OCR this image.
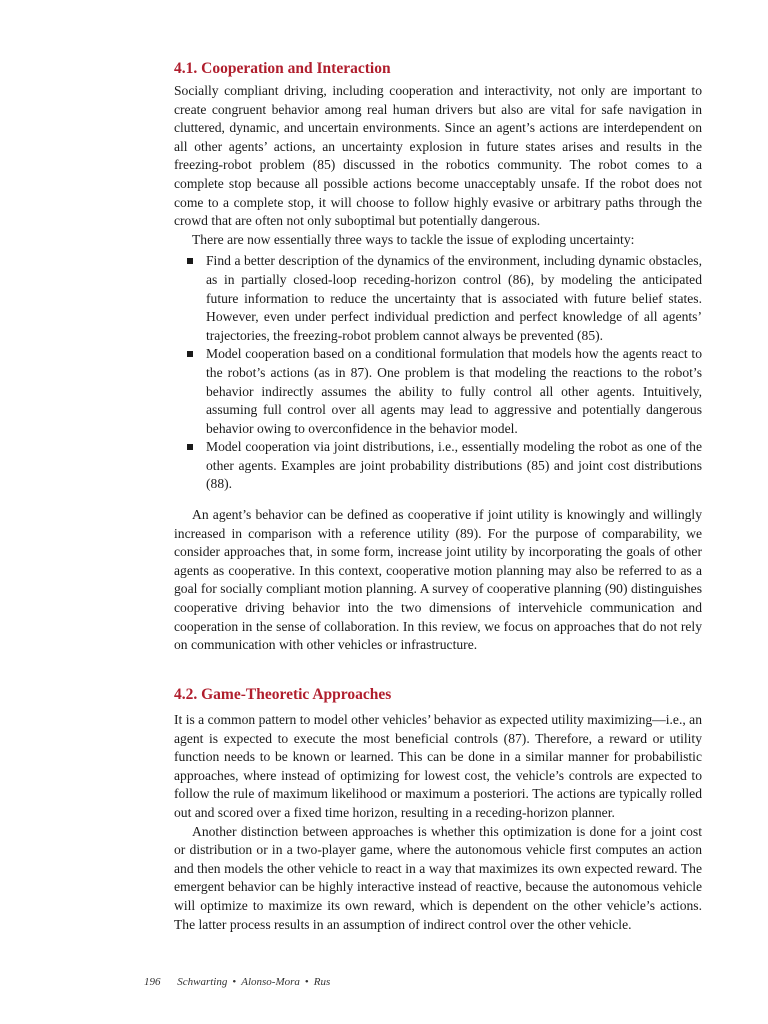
4.1. Cooperation and Interaction

Socially compliant driving, including cooperation and interactivity, not only are important to create congruent behavior among real human drivers but also are vital for safe navigation in cluttered, dynamic, and uncertain environments. Since an agent’s actions are interdependent on all other agents’ actions, an uncertainty explosion in future states arises and results in the freezing-robot problem (85) discussed in the robotics community. The robot comes to a complete stop because all possible actions become unacceptably unsafe. If the robot does not come to a complete stop, it will choose to follow highly evasive or arbitrary paths through the crowd that are often not only suboptimal but potentially dangerous.

There are now essentially three ways to tackle the issue of exploding uncertainty:

Find a better description of the dynamics of the environment, including dynamic obstacles, as in partially closed-loop receding-horizon control (86), by modeling the anticipated future information to reduce the uncertainty that is associated with future belief states. However, even under perfect individual prediction and perfect knowledge of all agents’ trajectories, the freezing-robot problem cannot always be prevented (85).
Model cooperation based on a conditional formulation that models how the agents react to the robot’s actions (as in 87). One problem is that modeling the reactions to the robot’s behavior indirectly assumes the ability to fully control all other agents. Intuitively, assuming full control over all agents may lead to aggressive and potentially dangerous behavior owing to overconfidence in the behavior model.
Model cooperation via joint distributions, i.e., essentially modeling the robot as one of the other agents. Examples are joint probability distributions (85) and joint cost distributions (88).

An agent’s behavior can be defined as cooperative if joint utility is knowingly and willingly increased in comparison with a reference utility (89). For the purpose of comparability, we consider approaches that, in some form, increase joint utility by incorporating the goals of other agents as cooperative. In this context, cooperative motion planning may also be referred to as a goal for socially compliant motion planning. A survey of cooperative planning (90) distinguishes cooperative driving behavior into the two dimensions of intervehicle communication and cooperation in the sense of collaboration. In this review, we focus on approaches that do not rely on communication with other vehicles or infrastructure.

4.2. Game-Theoretic Approaches

It is a common pattern to model other vehicles’ behavior as expected utility maximizing—i.e., an agent is expected to execute the most beneficial controls (87). Therefore, a reward or utility function needs to be known or learned. This can be done in a similar manner for probabilistic approaches, where instead of optimizing for lowest cost, the vehicle’s controls are expected to follow the rule of maximum likelihood or maximum a posteriori. The actions are typically rolled out and scored over a fixed time horizon, resulting in a receding-horizon planner.

Another distinction between approaches is whether this optimization is done for a joint cost or distribution or in a two-player game, where the autonomous vehicle first computes an action and then models the other vehicle to react in a way that maximizes its own expected reward. The emergent behavior can be highly interactive instead of reactive, because the autonomous vehicle will optimize to maximize its own reward, which is dependent on the other vehicle’s actions. The latter process results in an assumption of indirect control over the other vehicle.

196 Schwarting • Alonso-Mora • Rus
